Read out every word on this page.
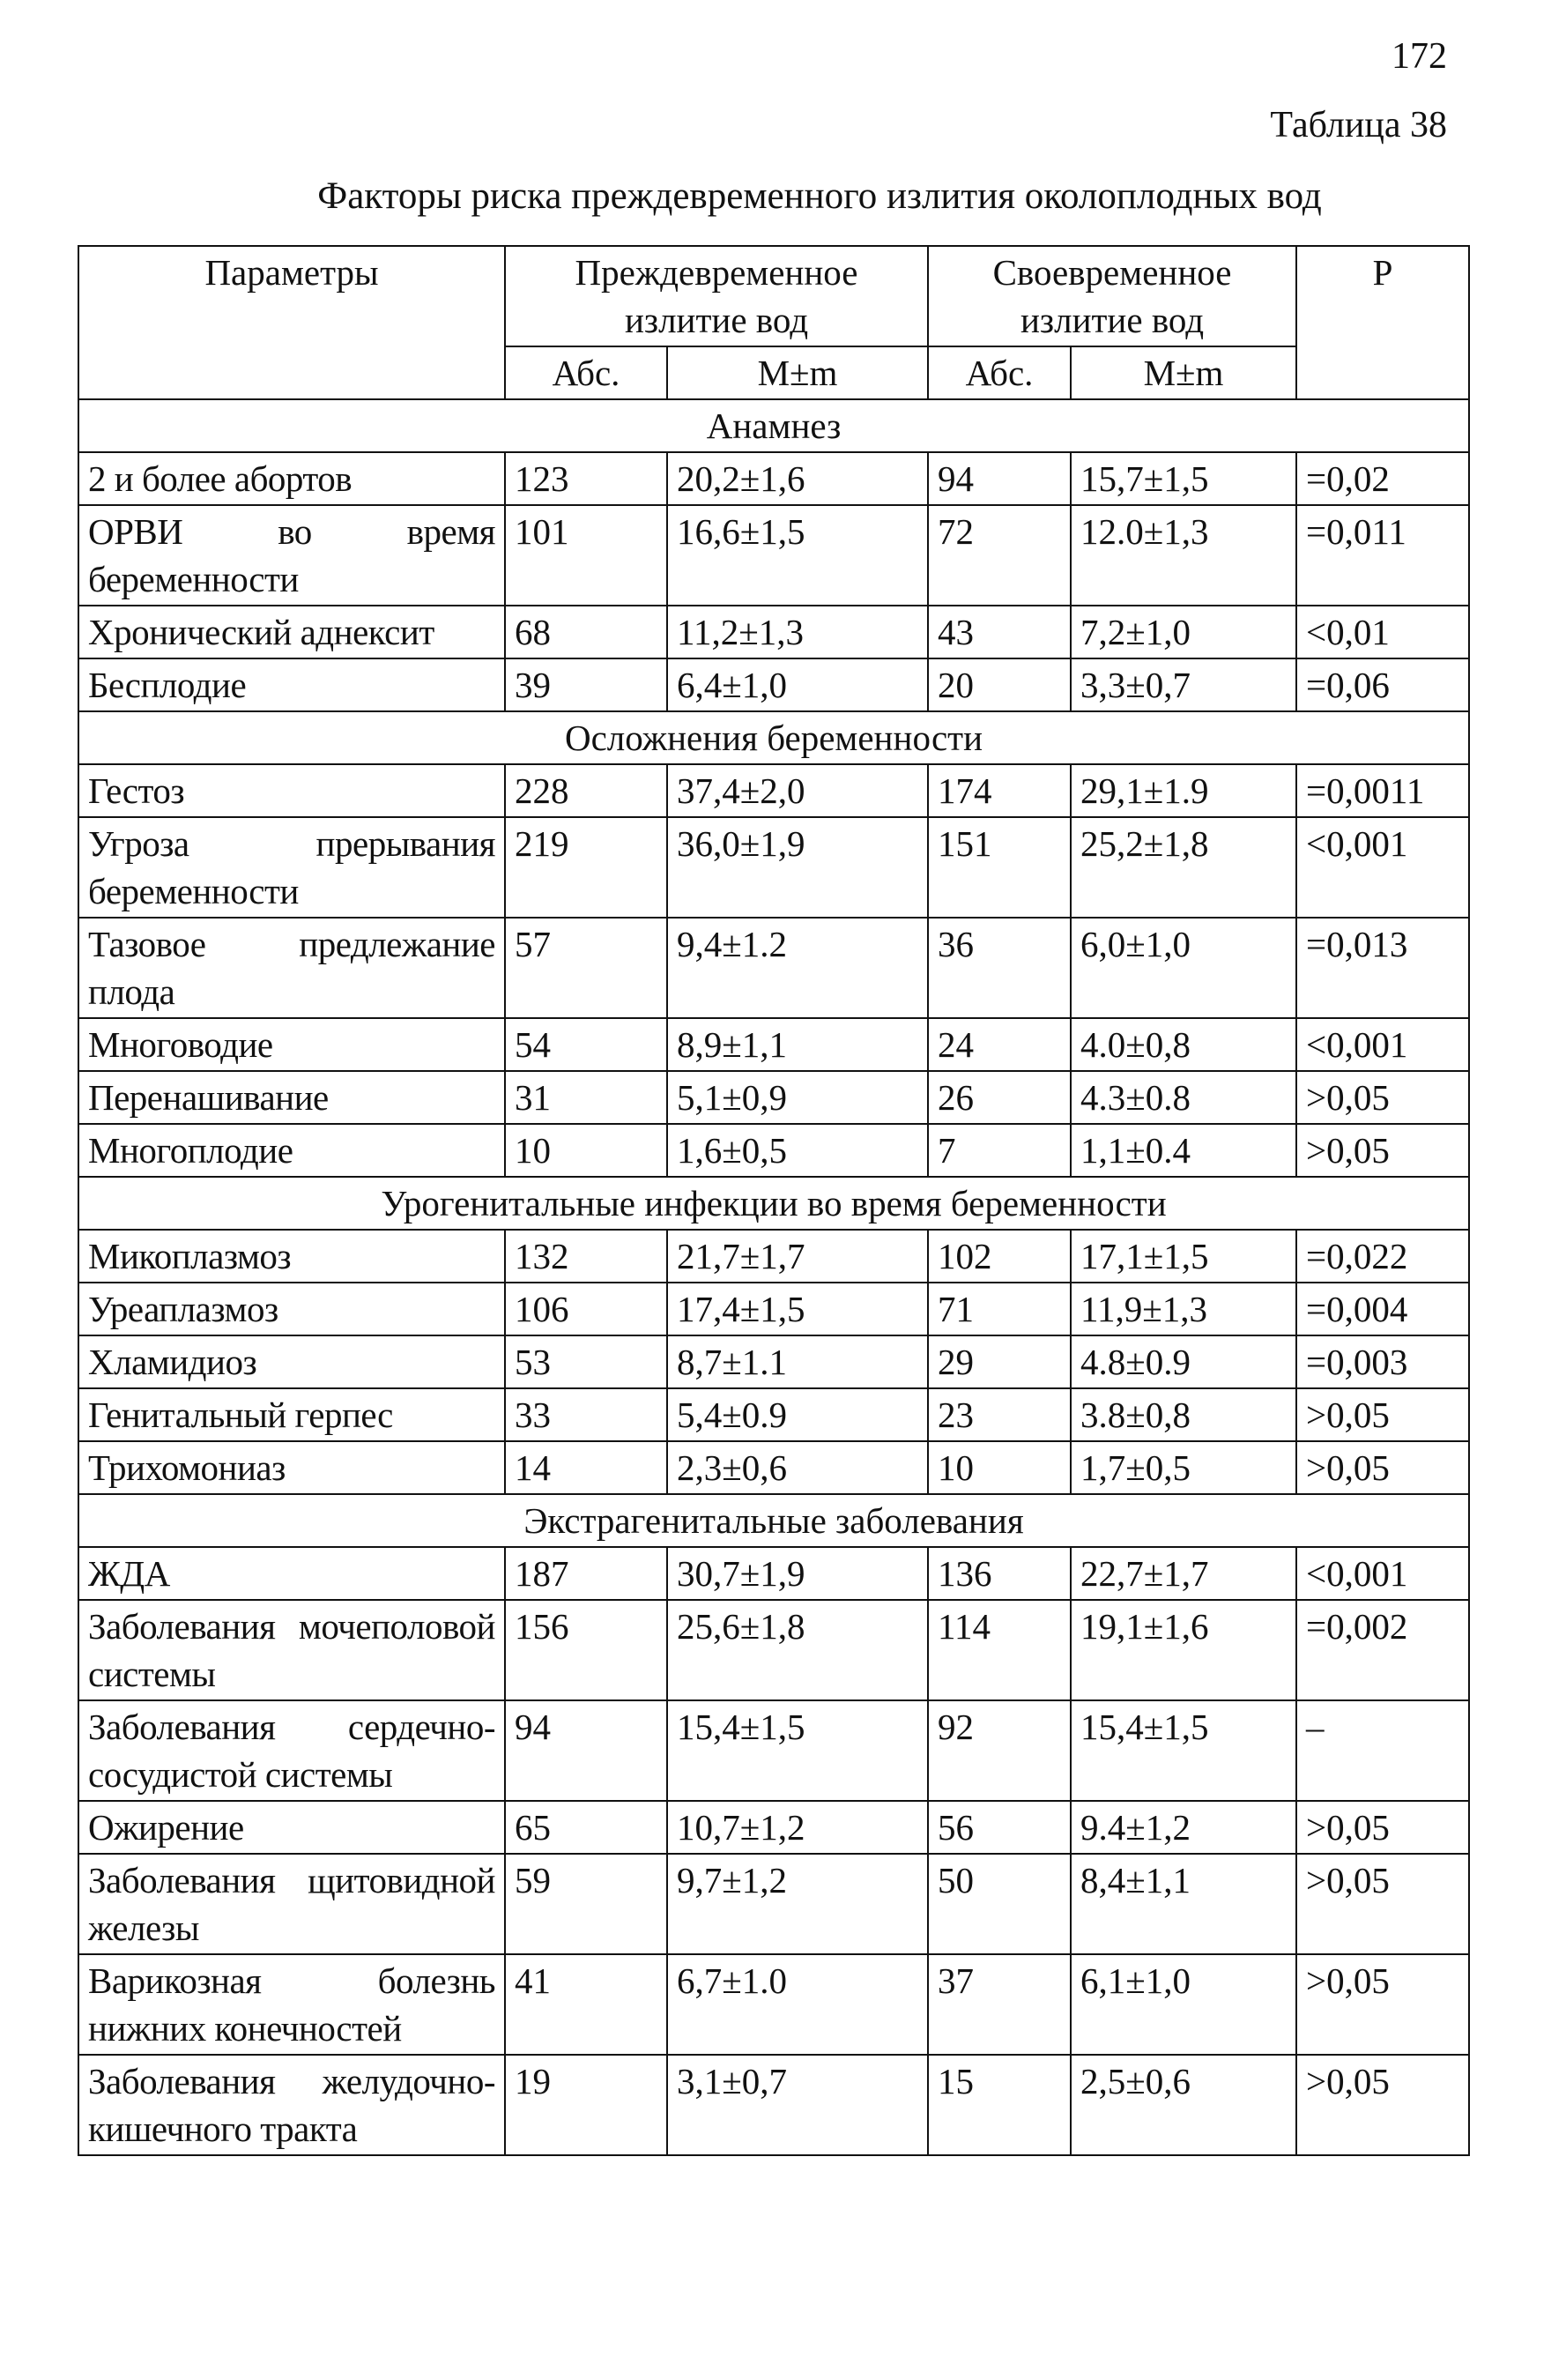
172
Таблица 38
Факторы риска преждевременного излития околоплодных вод
Параметры	Преждевременное излитие вод		Своевременное излитие вод		Р
	Абс.	М±m	Абс.	М±m	
Анамнез					
2 и более абортов	123	20,2±1,6	94	15,7±1,5	=0,02
ОРВИ во время беременности	101	16,6±1,5	72	12.0±1,3	=0,011
Хронический аднексит	68	11,2±1,3	43	7,2±1,0	<0,01
Бесплодие	39	6,4±1,0	20	3,3±0,7	=0,06
Осложнения беременности					
Гестоз	228	37,4±2,0	174	29,1±1.9	=0,0011
Угроза прерывания беременности	219	36,0±1,9	151	25,2±1,8	<0,001
Тазовое предлежание плода	57	9,4±1.2	36	6,0±1,0	=0,013
Многоводие	54	8,9±1,1	24	4.0±0,8	<0,001
Перенашивание	31	5,1±0,9	26	4.3±0.8	>0,05
Многоплодие	10	1,6±0,5	7	1,1±0.4	>0,05
Урогенитальные инфекции во время беременности					
Микоплазмоз	132	21,7±1,7	102	17,1±1,5	=0,022
Уреаплазмоз	106	17,4±1,5	71	11,9±1,3	=0,004
Хламидиоз	53	8,7±1.1	29	4.8±0.9	=0,003
Генитальный герпес	33	5,4±0.9	23	3.8±0,8	>0,05
Трихомониаз	14	2,3±0,6	10	1,7±0,5	>0,05
Экстрагенитальные заболевания					
ЖДА	187	30,7±1,9	136	22,7±1,7	<0,001
Заболевания мочеполовой системы	156	25,6±1,8	114	19,1±1,6	=0,002
Заболевания сердечно-сосудистой системы	94	15,4±1,5	92	15,4±1,5	–
Ожирение	65	10,7±1,2	56	9.4±1,2	>0,05
Заболевания щитовидной железы	59	9,7±1,2	50	8,4±1,1	>0,05
Варикозная болезнь нижних конечностей	41	6,7±1.0	37	6,1±1,0	>0,05
Заболевания желудочно-кишечного тракта	19	3,1±0,7	15	2,5±0,6	>0,05
